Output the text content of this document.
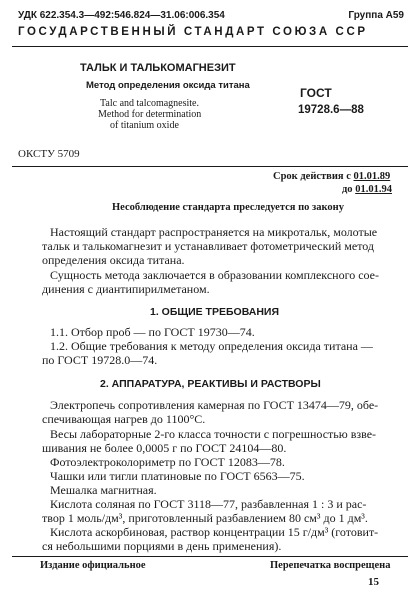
УДК 622.354.3—492:546.824—31.06:006.354	Группа А59
ГОСУДАРСТВЕННЫЙ СТАНДАРТ СОЮЗА ССР
ТАЛЬК И ТАЛЬКОМАГНЕЗИТ
Метод определения оксида титана
Talc and talcomagnesite.
Method for determination
of titanium oxide
ГОСТ
19728.6—88
ОКСТУ 5709
Срок действия с 01.01.89
до 01.01.94
Несоблюдение стандарта преследуется по закону
Настоящий стандарт распространяется на микротальк, молотые
тальк и талькомагнезит и устанавливает фотометрический метод
определения оксида титана.
Сущность метода заключается в образовании комплексного сое-
динения с диантипирилметаном.
1. ОБЩИЕ ТРЕБОВАНИЯ
1.1. Отбор проб — по ГОСТ 19730—74.
1.2. Общие требования к методу определения оксида титана —
по ГОСТ 19728.0—74.
2. АППАРАТУРА, РЕАКТИВЫ И РАСТВОРЫ
Электропечь сопротивления камерная по ГОСТ 13474—79, обе-
спечивающая нагрев до 1100°С.
Весы лабораторные 2-го класса точности с погрешностью взве-
шивания не более 0,0005 г по ГОСТ 24104—80.
Фотоэлектроколориметр по ГОСТ 12083—78.
Чашки или тигли платиновые по ГОСТ 6563—75.
Мешалка магнитная.
Кислота соляная по ГОСТ 3118—77, разбавленная 1 : 3 и рас-
твор 1 моль/дм³, приготовленный разбавлением 80 см³ до 1 дм³.
Кислота аскорбиновая, раствор концентрации 15 г/дм³ (готовит-
ся небольшими порциями в день применения).
Издание официальное	Перепечатка воспрещена
15
